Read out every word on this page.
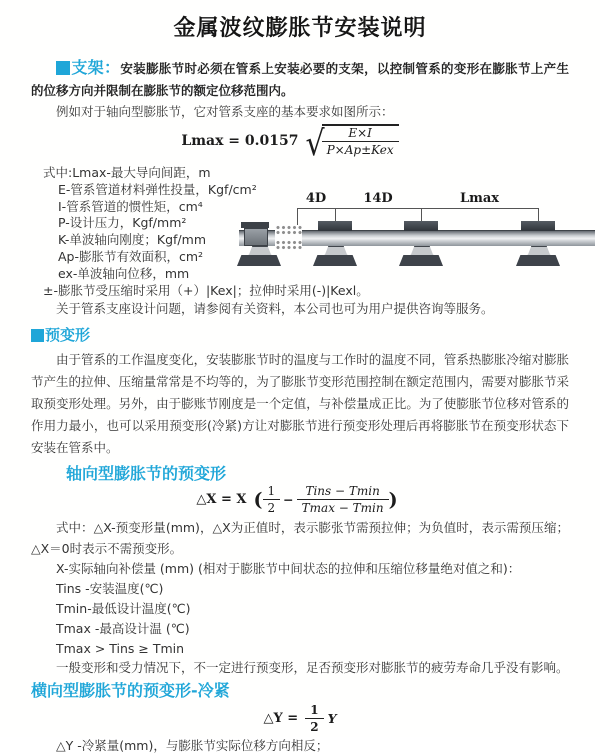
金属波纹膨胀节安装说明

支架：安装膨胀节时必须在管系上安装必要的支架，以控制管系的变形在膨胀节上产生的位移方向并限制在膨胀节的额定位移范围内。

例如对于轴向型膨胀节，它对管系支座的基本要求如图所示：

Lmax = 0.0157 √
$\frac{E\times I}{\text{P×Ap±Kex}}$
式中:Lmax-最大导向间距，m
E-管系管道材料弹性投量，Kgf/cm²
I-管系管道的惯性矩，cm⁴
P-设计压力，Kgf/mm²
K-单波轴向刚度；Kgf/mm
Ap-膨胀节有效面积，cm²
ex-单波轴向位移，mm
±-膨胀节受压缩时采用（+）|Kex|；拉伸时采用(-)|Kexl。
关于管系支座设计问题，请参阅有关资料，本公司也可为用户提供咨询等服务。
4D	14D	Lmax
预变形

由于管系的工作温度变化，安装膨胀节时的温度与工作时的温度不同，管系热膨胀冷缩对膨胀节产生的拉伸、压缩量常常是不均等的，为了膨胀节变形范围控制在额定范围内，需要对膨胀节采取预变形处理。另外，由于膨账节刚度是一个定值，与补偿量成正比。为了使膨胀节位移对管系的作用力最小，也可以采用预变形(冷紧)方让对膨胀节进行预变形处理后再将膨胀节在预变形状态下安装在管系中。

轴向型膨胀节的预变形
△X = X ( $\frac{1}{2} - \frac{\text{Tins − Tmin}}{Tmax - Tmin}$ )

式中：△X-预变形量(mm)，△X为正值时，表示膨张节需预拉伸；为负值时，表示需预压缩；△X＝0时表示不需预变形。

X-实际轴向补偿量 (mm) (相对于膨胀节中间状态的拉伸和压缩位移量绝对值之和)：
Tins -安装温度(℃)
Tmin-最低设计温度(℃)
Tmax -最高设计温 (℃)
Tmax > Tins ≥ Tmin

一般变形和受力情况下，不一定进行预变形，足否预变形对膨胀节的疲劳寿命几乎没有影响。

横向型膨胀节的预变形-冷紧
△Y = $\frac{1}{2}$ Y

△Y -冷紧量(mm)，与膨胀节实际位移方向相反；
